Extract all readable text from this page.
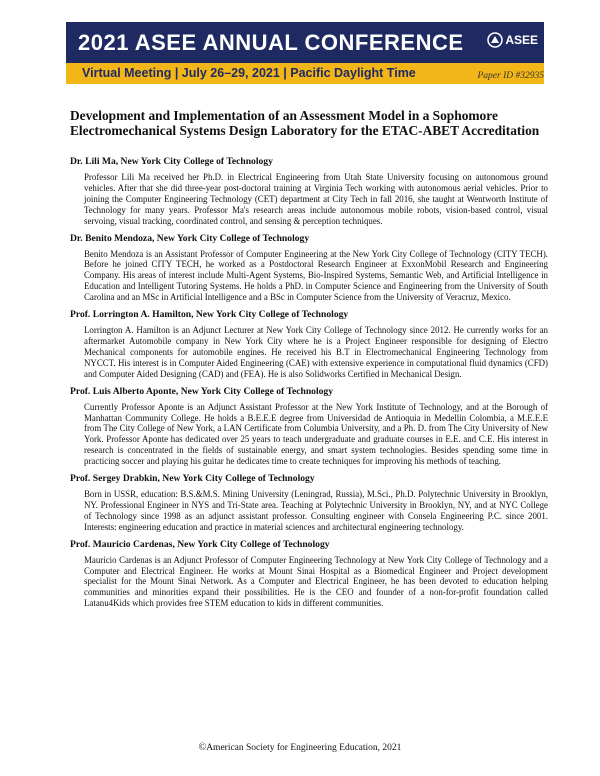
2021 ASEE ANNUAL CONFERENCE	ASEE
Virtual Meeting | July 26–29, 2021 | Pacific Daylight Time	Paper ID #32935
Development and Implementation of an Assessment Model in a Sophomore Electromechanical Systems Design Laboratory for the ETAC-ABET Accreditation
Dr. Lili Ma, New York City College of Technology
Professor Lili Ma received her Ph.D. in Electrical Engineering from Utah State University focusing on autonomous ground vehicles. After that she did three-year post-doctoral training at Virginia Tech working with autonomous aerial vehicles. Prior to joining the Computer Engineering Technology (CET) department at City Tech in fall 2016, she taught at Wentworth Institute of Technology for many years. Professor Ma's research areas include autonomous mobile robots, vision-based control, visual servoing, visual tracking, coordinated control, and sensing & perception techniques.
Dr. Benito Mendoza, New York City College of Technology
Benito Mendoza is an Assistant Professor of Computer Engineering at the New York City College of Technology (CITY TECH). Before he joined CITY TECH, he worked as a Postdoctoral Research Engineer at ExxonMobil Research and Engineering Company. His areas of interest include Multi-Agent Systems, Bio-Inspired Systems, Semantic Web, and Artificial Intelligence in Education and Intelligent Tutoring Systems. He holds a PhD. in Computer Science and Engineering from the University of South Carolina and an MSc in Artificial Intelligence and a BSc in Computer Science from the University of Veracruz, Mexico.
Prof. Lorrington A. Hamilton, New York City College of Technology
Lorrington A. Hamilton is an Adjunct Lecturer at New York City College of Technology since 2012. He currently works for an aftermarket Automobile company in New York City where he is a Project Engineer responsible for designing of Electro Mechanical components for automobile engines. He received his B.T in Electromechanical Engineering Technology from NYCCT. His interest is in Computer Aided Engineering (CAE) with extensive experience in computational fluid dynamics (CFD) and Computer Aided Designing (CAD) and (FEA). He is also Solidworks Certified in Mechanical Design.
Prof. Luis Alberto Aponte, New York City College of Technology
Currently Professor Aponte is an Adjunct Assistant Professor at the New York Institute of Technology, and at the Borough of Manhattan Community College. He holds a B.E.E.E degree from Universidad de Antioquia in Medellin Colombia, a M.E.E.E from The City College of New York, a LAN Certificate from Columbia University, and a Ph. D. from The City University of New York. Professor Aponte has dedicated over 25 years to teach undergraduate and graduate courses in E.E. and C.E. His interest in research is concentrated in the fields of sustainable energy, and smart system technologies. Besides spending some time in practicing soccer and playing his guitar he dedicates time to create techniques for improving his methods of teaching.
Prof. Sergey Drabkin, New York City College of Technology
Born in USSR, education: B.S.&M.S. Mining University (Leningrad, Russia), M.Sci., Ph.D. Polytechnic University in Brooklyn, NY. Professional Engineer in NYS and Tri-State area. Teaching at Polytechnic University in Brooklyn, NY, and at NYC College of Technology since 1998 as an adjunct assistant professor. Consulting engineer with Consela Engineering P.C. since 2001. Interests: engineering education and practice in material sciences and architectural engineering technology.
Prof. Mauricio Cardenas, New York City College of Technology
Mauricio Cardenas is an Adjunct Professor of Computer Engineering Technology at New York City College of Technology and a Computer and Electrical Engineer. He works at Mount Sinai Hospital as a Biomedical Engineer and Project development specialist for the Mount Sinai Network. As a Computer and Electrical Engineer, he has been devoted to education helping communities and minorities expand their possibilities. He is the CEO and founder of a non-for-profit foundation called Latanu4Kids which provides free STEM education to kids in different communities.
©American Society for Engineering Education, 2021
